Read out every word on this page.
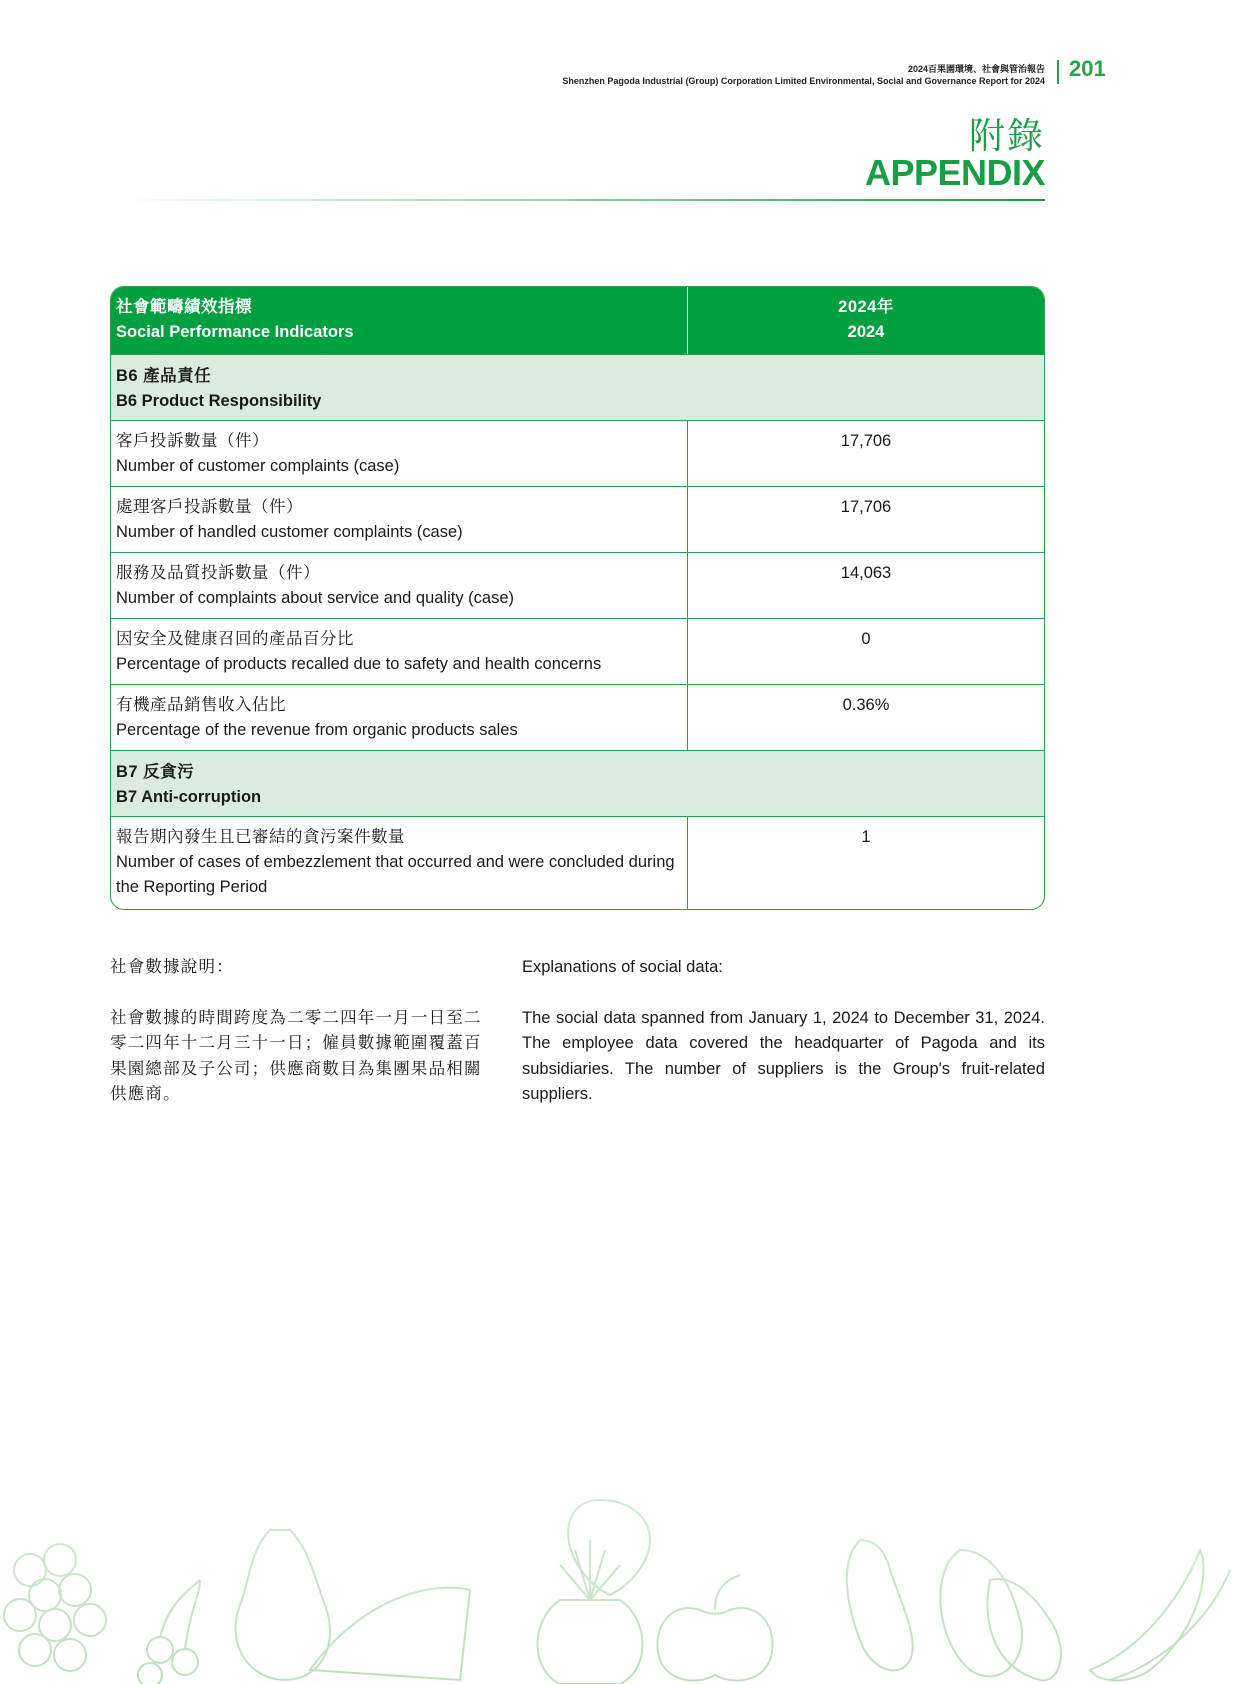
2024百果園環境、社會與管治報告
Shenzhen Pagoda Industrial (Group) Corporation Limited Environmental, Social and Governance Report for 2024 201
附錄
APPENDIX
社會範疇績效指標
Social Performance Indicators
2024年
2024
B6 產品責任
B6 Product Responsibility
客戶投訴數量（件）
Number of customer complaints (case)
17,706
處理客戶投訴數量（件）
Number of handled customer complaints (case)
17,706
服務及品質投訴數量（件）
Number of complaints about service and quality (case)
14,063
因安全及健康召回的產品百分比
Percentage of products recalled due to safety and health concerns
0
有機產品銷售收入佔比
Percentage of the revenue from organic products sales
0.36%
B7 反貪污
B7 Anti-corruption
報告期內發生且已審結的貪污案件數量
Number of cases of embezzlement that occurred and were concluded during the Reporting Period
1

社會數據說明：

社會數據的時間跨度為二零二四年一月一日至二零二四年十二月三十一日；僱員數據範圍覆蓋百果園總部及子公司；供應商數目為集團果品相關供應商。

Explanations of social data:

The social data spanned from January 1, 2024 to December 31, 2024. The employee data covered the headquarter of Pagoda and its subsidiaries. The number of suppliers is the Group's fruit-related suppliers.
